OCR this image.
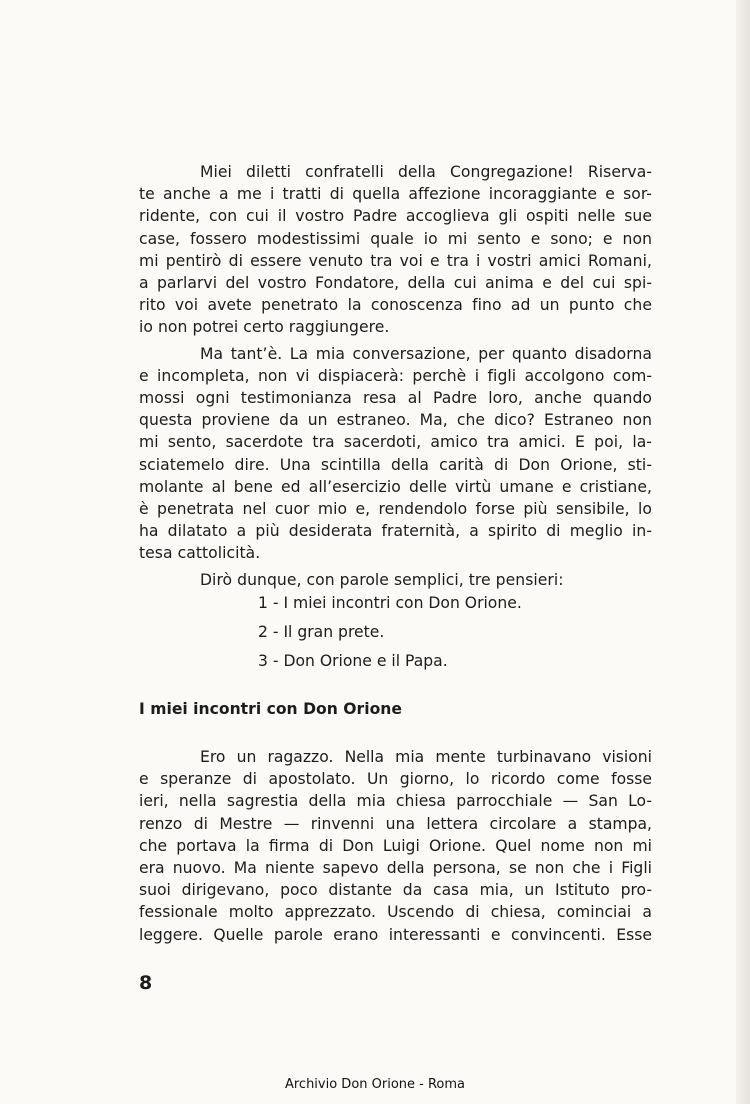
Miei diletti confratelli della Congregazione! Riserva-
te anche a me i tratti di quella affezione incoraggiante e sor-
ridente, con cui il vostro Padre accoglieva gli ospiti nelle sue
case, fossero modestissimi quale io mi sento e sono; e non
mi pentirò di essere venuto tra voi e tra i vostri amici Romani,
a parlarvi del vostro Fondatore, della cui anima e del cui spi-
rito voi avete penetrato la conoscenza fino ad un punto che
io non potrei certo raggiungere.

Ma tant’è. La mia conversazione, per quanto disadorna
e incompleta, non vi dispiacerà: perchè i figli accolgono com-
mossi ogni testimonianza resa al Padre loro, anche quando
questa proviene da un estraneo. Ma, che dico? Estraneo non
mi sento, sacerdote tra sacerdoti, amico tra amici. E poi, la-
sciatemelo dire. Una scintilla della carità di Don Orione, sti-
molante al bene ed all’esercizio delle virtù umane e cristiane,
è penetrata nel cuor mio e, rendendolo forse più sensibile, lo
ha dilatato a più desiderata fraternità, a spirito di meglio in-
tesa cattolicità.

Dirò dunque, con parole semplici, tre pensieri:

1 - I miei incontri con Don Orione.
2 - Il gran prete.
3 - Don Orione e il Papa.
I miei incontri con Don Orione

Ero un ragazzo. Nella mia mente turbinavano visioni
e speranze di apostolato. Un giorno, lo ricordo come fosse
ieri, nella sagrestia della mia chiesa parrocchiale — San Lo-
renzo di Mestre — rinvenni una lettera circolare a stampa,
che portava la firma di Don Luigi Orione. Quel nome non mi
era nuovo. Ma niente sapevo della persona, se non che i Figli
suoi dirigevano, poco distante da casa mia, un Istituto pro-
fessionale molto apprezzato. Uscendo di chiesa, cominciai a
leggere. Quelle parole erano interessanti e convincenti. Esse

8
Archivio Don Orione - Roma
